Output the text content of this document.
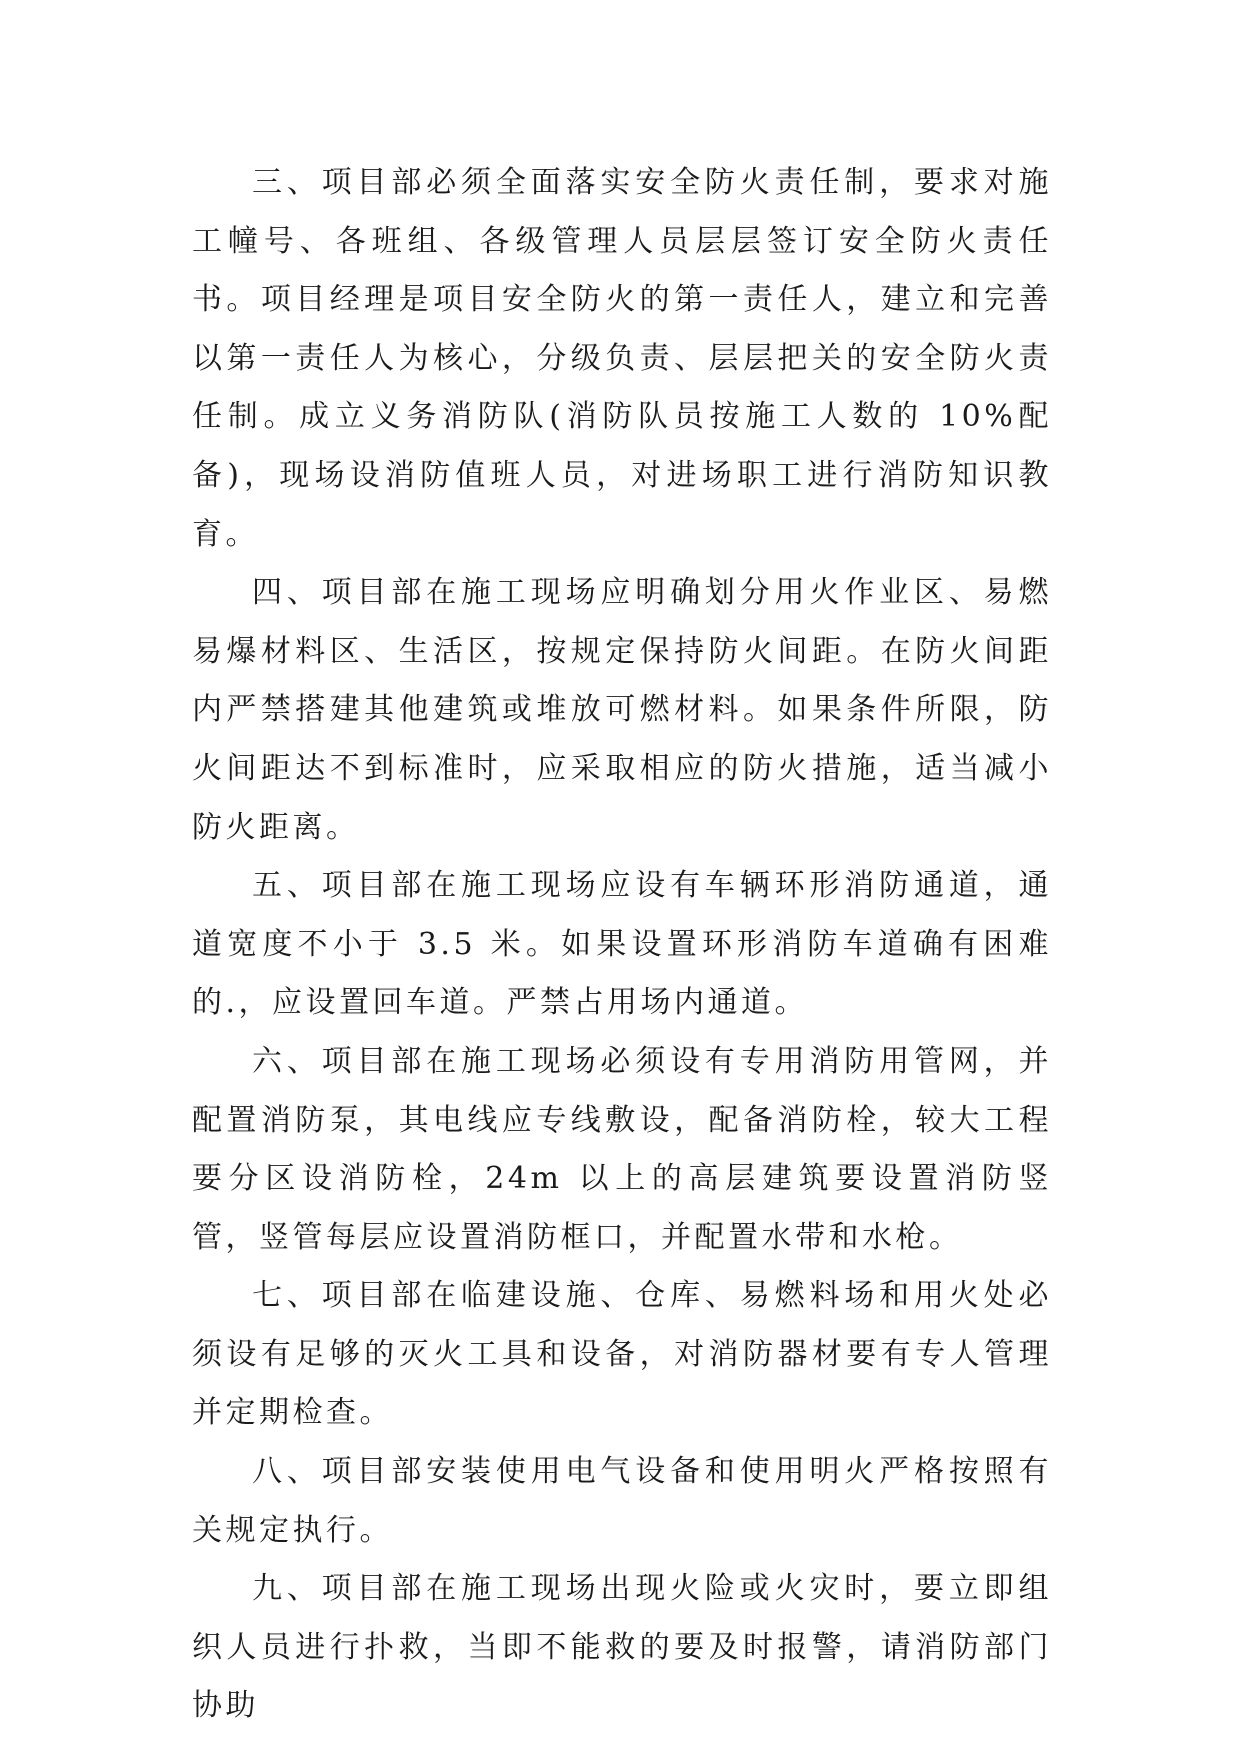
三、项目部必须全面落实安全防火责任制，要求对施工幢号、各班组、各级管理人员层层签订安全防火责任书。项目经理是项目安全防火的第一责任人，建立和完善以第一责任人为核心，分级负责、层层把关的安全防火责任制。成立义务消防队(消防队员按施工人数的 10%配备)，现场设消防值班人员，对进场职工进行消防知识教育。

四、项目部在施工现场应明确划分用火作业区、易燃易爆材料区、生活区，按规定保持防火间距。在防火间距内严禁搭建其他建筑或堆放可燃材料。如果条件所限，防火间距达不到标准时，应采取相应的防火措施，适当减小防火距离。

五、项目部在施工现场应设有车辆环形消防通道，通道宽度不小于 3.5 米。如果设置环形消防车道确有困难的.，应设置回车道。严禁占用场内通道。

六、项目部在施工现场必须设有专用消防用管网，并配置消防泵，其电线应专线敷设，配备消防栓，较大工程要分区设消防栓，24m 以上的高层建筑要设置消防竖管，竖管每层应设置消防框口，并配置水带和水枪。

七、项目部在临建设施、仓库、易燃料场和用火处必须设有足够的灭火工具和设备，对消防器材要有专人管理并定期检查。

八、项目部安装使用电气设备和使用明火严格按照有关规定执行。

九、项目部在施工现场出现火险或火灾时，要立即组织人员进行扑救，当即不能救的要及时报警，请消防部门协助
